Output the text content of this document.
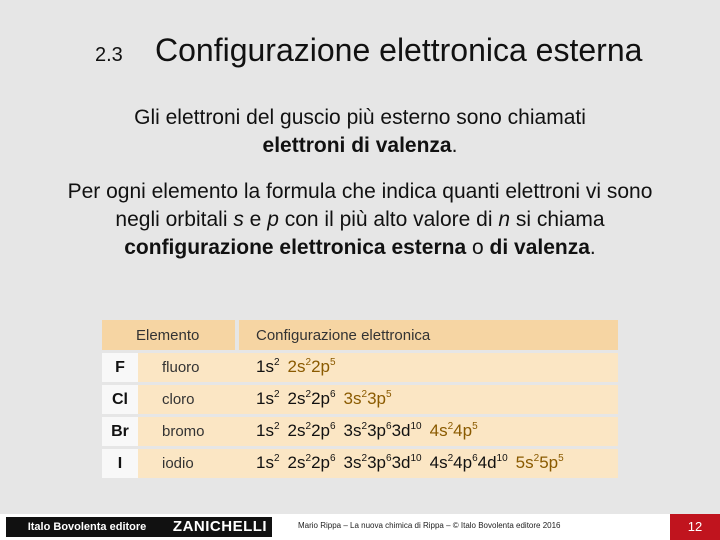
2.3 Configurazione elettronica esterna
Gli elettroni del guscio più esterno sono chiamati
elettroni di valenza.
Per ogni elemento la formula che indica quanti elettroni vi sono negli orbitali s e p con il più alto valore di n si chiama
configurazione elettronica esterna o di valenza.
Elemento	Configurazione elettronica
F	fluoro	$1s^2$ $2s^22p^5$
Cl	cloro	$1s^2$ $2s^22p^6$ $3s^23p^5$
Br	bromo	$1s^2$ $2s^22p^6$ $3s^23p^63d^{10}$ $4s^24p^5$
I	iodio	$1s^2$ $2s^22p^6$ $3s^23p^63d^{10}$ $4s^24p^64d^{10}$ $5s^25p^5$
Italo Bovolenta editore	ZANICHELLI	Mario Rippa – La nuova chimica di Rippa – © Italo Bovolenta editore 2016	12
